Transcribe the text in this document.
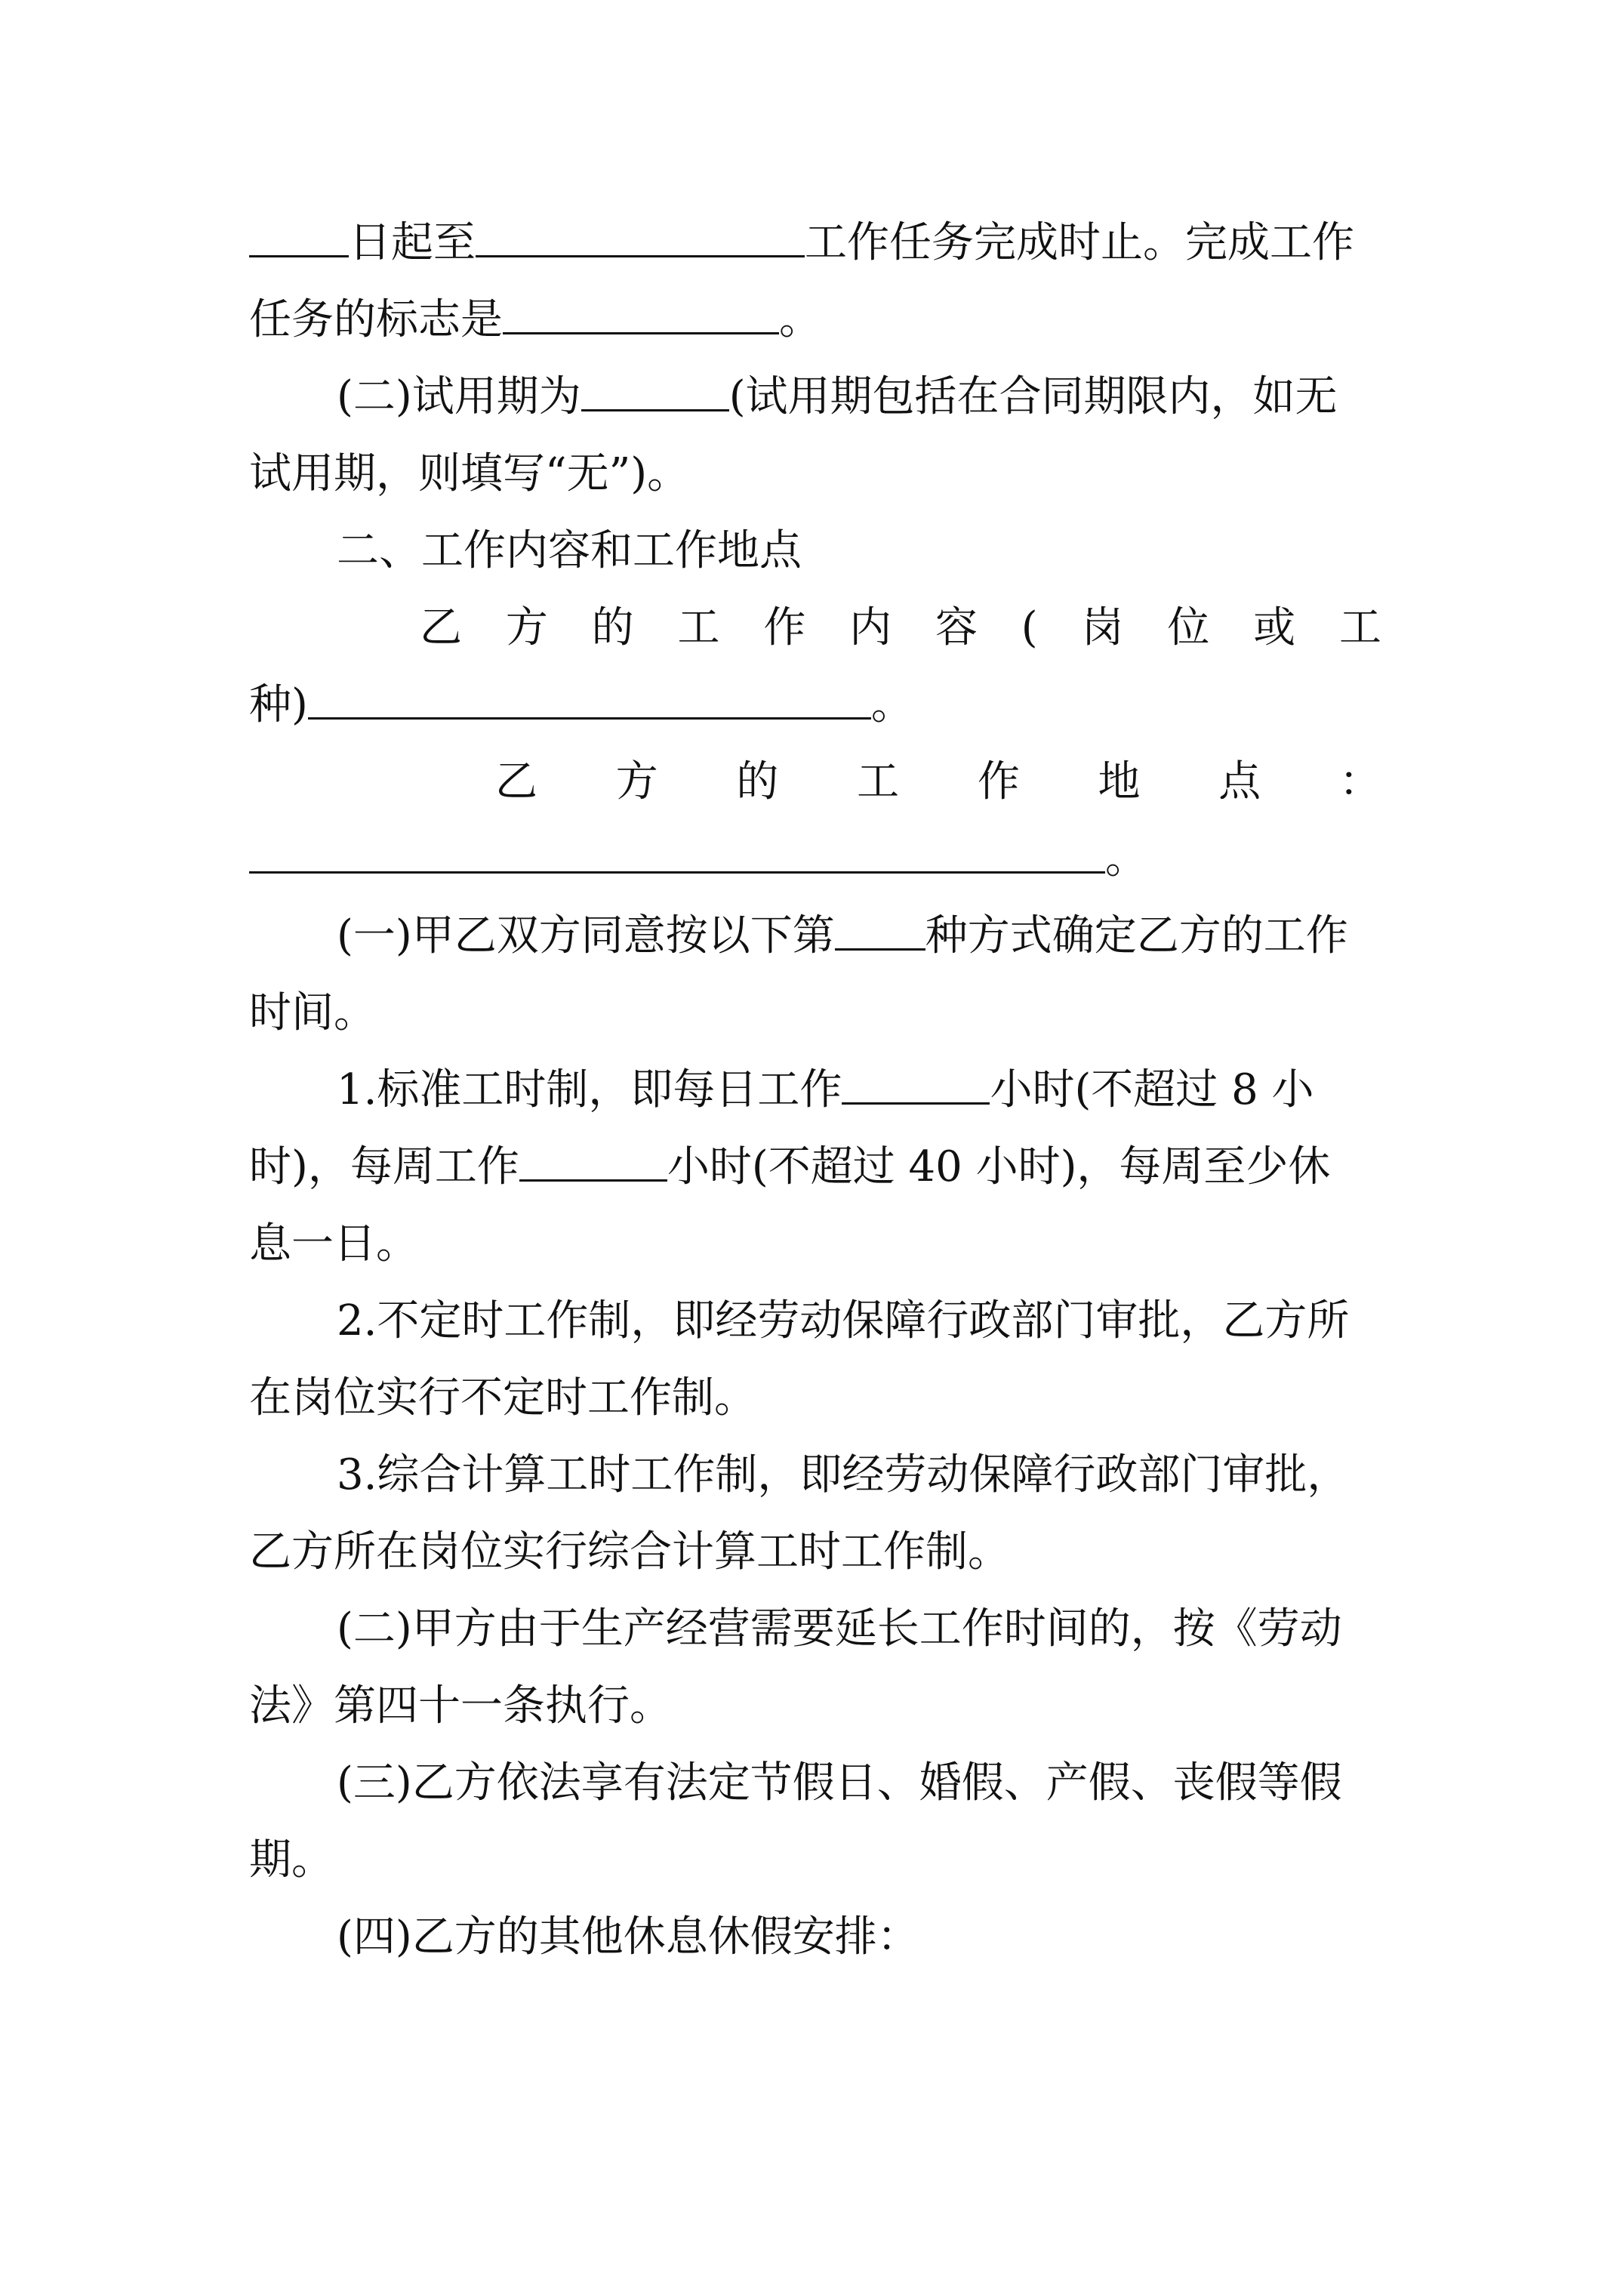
日起至	工作任务完成时止。完成工作
任务的标志是	。
(二)试用期为	(试用期包括在合同期限内，如无
试用期，则填写“无”)。
二、工作内容和工作地点
乙 方 的 工 作 内 容 ( 岗 位 或 工
种)	。
乙 方 的 工 作 地 点 ：
。
(一)甲乙双方同意按以下第 种方式确定乙方的工作
时间。
1.标准工时制，即每日工作	小时(不超过 8 小
时)，每周工作	小时(不超过 40 小时)，每周至少休
息一日。
2.不定时工作制，即经劳动保障行政部门审批，乙方所
在岗位实行不定时工作制。
3.综合计算工时工作制，即经劳动保障行政部门审批，
乙方所在岗位实行综合计算工时工作制。
(二)甲方由于生产经营需要延长工作时间的，按《劳动
法》第四十一条执行。
(三)乙方依法享有法定节假日、婚假、产假、丧假等假
期。
(四)乙方的其他休息休假安排：
